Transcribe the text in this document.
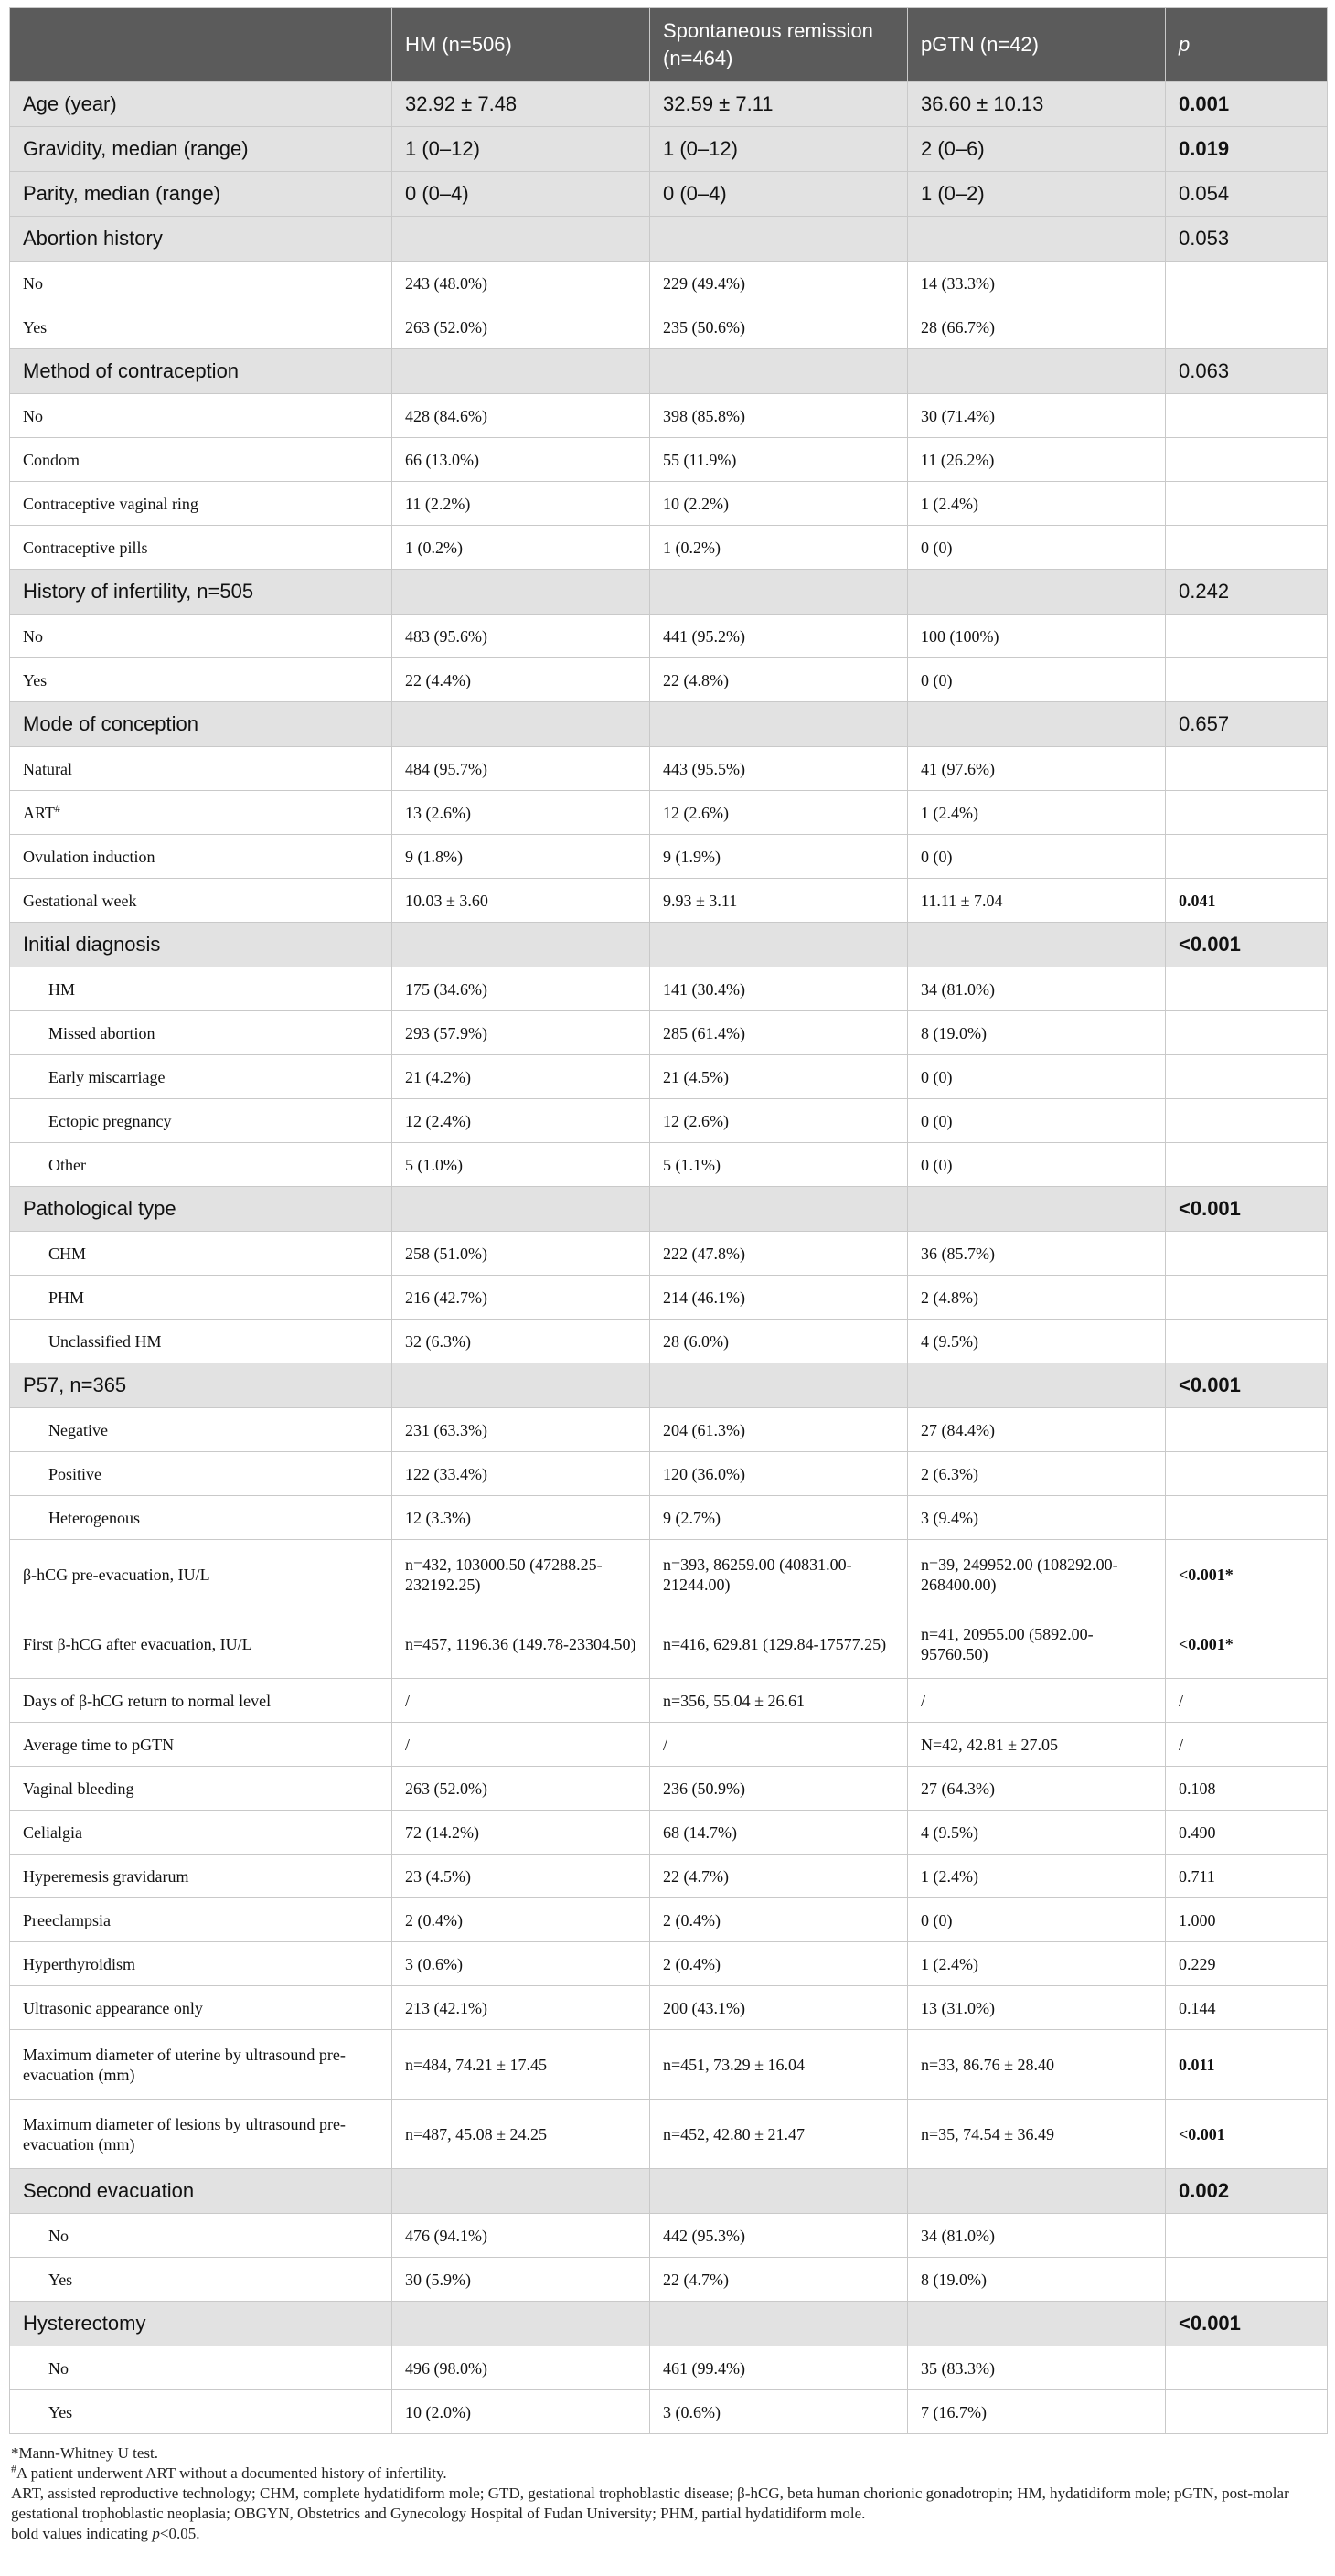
	HM (n=506)	Spontaneous remission (n=464)	pGTN (n=42)	p
Age (year)	32.92 ± 7.48	32.59 ± 7.11	36.60 ± 10.13	0.001
Gravidity, median (range)	1 (0–12)	1 (0–12)	2 (0–6)	0.019
Parity, median (range)	0 (0–4)	0 (0–4)	1 (0–2)	0.054
Abortion history				0.053
No	243 (48.0%)	229 (49.4%)	14 (33.3%)	
Yes	263 (52.0%)	235 (50.6%)	28 (66.7%)	
Method of contraception				0.063
No	428 (84.6%)	398 (85.8%)	30 (71.4%)	
Condom	66 (13.0%)	55 (11.9%)	11 (26.2%)	
Contraceptive vaginal ring	11 (2.2%)	10 (2.2%)	1 (2.4%)	
Contraceptive pills	1 (0.2%)	1 (0.2%)	0 (0)	
History of infertility, n=505				0.242
No	483 (95.6%)	441 (95.2%)	100 (100%)	
Yes	22 (4.4%)	22 (4.8%)	0 (0)	
Mode of conception				0.657
Natural	484 (95.7%)	443 (95.5%)	41 (97.6%)	
ART#	13 (2.6%)	12 (2.6%)	1 (2.4%)	
Ovulation induction	9 (1.8%)	9 (1.9%)	0 (0)	
Gestational week	10.03 ± 3.60	9.93 ± 3.11	11.11 ± 7.04	0.041
Initial diagnosis				<0.001
HM	175 (34.6%)	141 (30.4%)	34 (81.0%)	
Missed abortion	293 (57.9%)	285 (61.4%)	8 (19.0%)	
Early miscarriage	21 (4.2%)	21 (4.5%)	0 (0)	
Ectopic pregnancy	12 (2.4%)	12 (2.6%)	0 (0)	
Other	5 (1.0%)	5 (1.1%)	0 (0)	
Pathological type				<0.001
CHM	258 (51.0%)	222 (47.8%)	36 (85.7%)	
PHM	216 (42.7%)	214 (46.1%)	2 (4.8%)	
Unclassified HM	32 (6.3%)	28 (6.0%)	4 (9.5%)	
P57, n=365				<0.001
Negative	231 (63.3%)	204 (61.3%)	27 (84.4%)	
Positive	122 (33.4%)	120 (36.0%)	2 (6.3%)	
Heterogenous	12 (3.3%)	9 (2.7%)	3 (9.4%)	
β-hCG pre-evacuation, IU/L	n=432, 103000.50 (47288.25-232192.25)	n=393, 86259.00 (40831.00-21244.00)	n=39, 249952.00 (108292.00-268400.00)	<0.001*
First β-hCG after evacuation, IU/L	n=457, 1196.36 (149.78-23304.50)	n=416, 629.81 (129.84-17577.25)	n=41, 20955.00 (5892.00-95760.50)	<0.001*
Days of β-hCG return to normal level	/	n=356, 55.04 ± 26.61	/	/
Average time to pGTN	/	/	N=42, 42.81 ± 27.05	/
Vaginal bleeding	263 (52.0%)	236 (50.9%)	27 (64.3%)	0.108
Celialgia	72 (14.2%)	68 (14.7%)	4 (9.5%)	0.490
Hyperemesis gravidarum	23 (4.5%)	22 (4.7%)	1 (2.4%)	0.711
Preeclampsia	2 (0.4%)	2 (0.4%)	0 (0)	1.000
Hyperthyroidism	3 (0.6%)	2 (0.4%)	1 (2.4%)	0.229
Ultrasonic appearance only	213 (42.1%)	200 (43.1%)	13 (31.0%)	0.144
Maximum diameter of uterine by ultrasound pre-evacuation (mm)	n=484, 74.21 ± 17.45	n=451, 73.29 ± 16.04	n=33, 86.76 ± 28.40	0.011
Maximum diameter of lesions by ultrasound pre-evacuation (mm)	n=487, 45.08 ± 24.25	n=452, 42.80 ± 21.47	n=35, 74.54 ± 36.49	<0.001
Second evacuation				0.002
No	476 (94.1%)	442 (95.3%)	34 (81.0%)	
Yes	30 (5.9%)	22 (4.7%)	8 (19.0%)	
Hysterectomy				<0.001
No	496 (98.0%)	461 (99.4%)	35 (83.3%)	
Yes	10 (2.0%)	3 (0.6%)	7 (16.7%)	
*Mann-Whitney U test.
#A patient underwent ART without a documented history of infertility.
ART, assisted reproductive technology; CHM, complete hydatidiform mole; GTD, gestational trophoblastic disease; β-hCG, beta human chorionic gonadotropin; HM, hydatidiform mole; pGTN, post-molar gestational trophoblastic neoplasia; OBGYN, Obstetrics and Gynecology Hospital of Fudan University; PHM, partial hydatidiform mole.
bold values indicating p<0.05.
